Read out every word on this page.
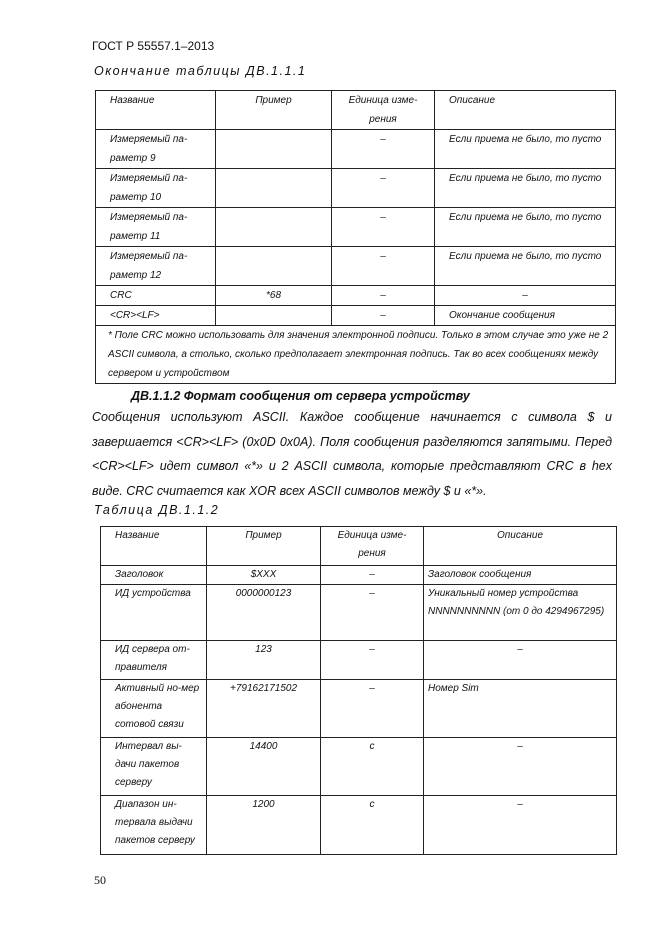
ГОСТ Р 55557.1–2013
Окончание таблицы ДВ.1.1.1
Название	Пример	Единица изме-рения	Описание
Измеряемый па-раметр 9		–	Если приема не было, то пусто
Измеряемый па-раметр 10		–	Если приема не было, то пусто
Измеряемый па-раметр 11		–	Если приема не было, то пусто
Измеряемый па-раметр 12		–	Если приема не было, то пусто
CRC	*68	–	–
<CR><LF>		–	Окончание сообщения
* Поле CRC можно использовать для значения электронной подписи. Только в этом случае это уже не 2 ASCII символа, а столько, сколько предполагает электронная подпись. Так во всех сообщениях между сервером и устройством			
ДВ.1.1.2 Формат сообщения от сервера устройству
Сообщения используют ASCII. Каждое сообщение начинается с символа $ и завершается <CR><LF> (0x0D 0x0A). Поля сообщения разделяются запятыми. Перед <CR><LF> идет символ «*» и 2 ASCII символа, которые представляют CRC в hex виде. CRC считается как XOR всех ASCII символов между $ и «*».
Таблица ДВ.1.1.2
Название	Пример	Единица изме-рения	Описание
Заголовок	$XXX	–	Заголовок сообщения
ИД устройства	0000000123	–	Уникальный номер устройства NNNNNNNNNN (от 0 до 4294967295)
ИД сервера от-правителя	123	–	–
Активный но-мер абонента сотовой связи	+79162171502	–	Номер Sim
Интервал вы-дачи пакетов серверу	14400	с	–
Диапазон ин-тервала выдачи пакетов серверу	1200	с	–
50
